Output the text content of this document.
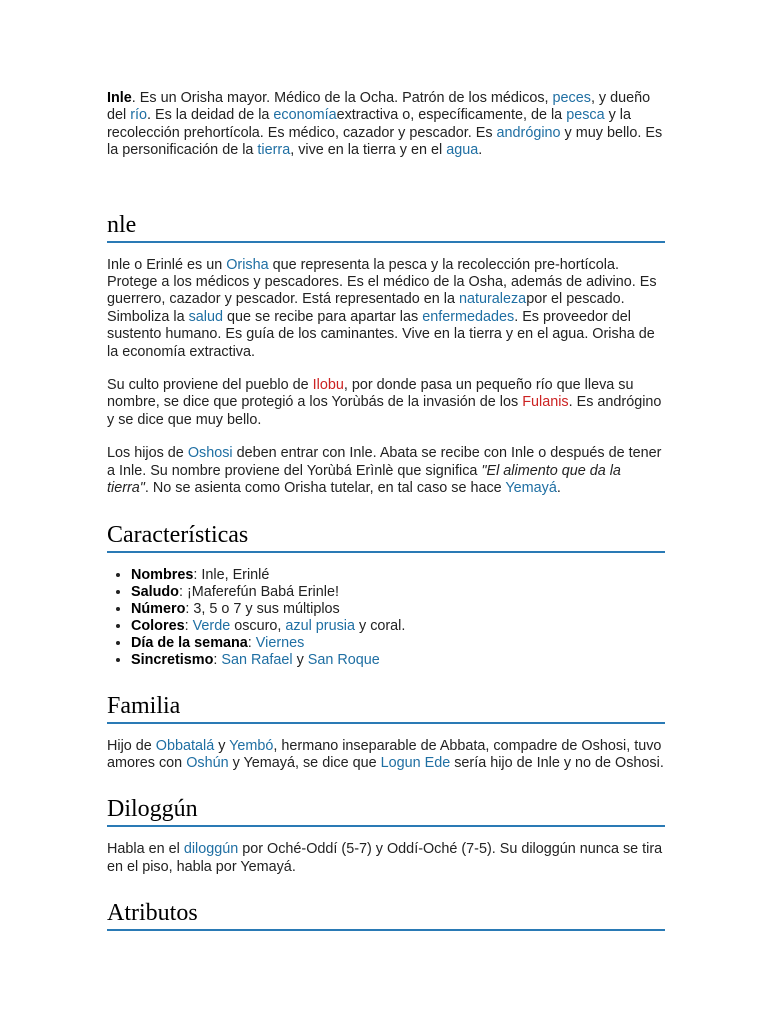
Inle. Es un Orisha mayor. Médico de la Ocha. Patrón de los médicos, peces, y dueño del río. Es la deidad de la economíaextractiva o, específicamente, de la pesca y la recolección prehortícola. Es médico, cazador y pescador. Es andrógino y muy bello. Es la personificación de la tierra, vive en la tierra y en el agua.

nle

Inle o Erinlé es un Orisha que representa la pesca y la recolección pre-hortícola. Protege a los médicos y pescadores. Es el médico de la Osha, además de adivino. Es guerrero, cazador y pescador. Está representado en la naturalezapor el pescado. Simboliza la salud que se recibe para apartar las enfermedades. Es proveedor del sustento humano. Es guía de los caminantes. Vive en la tierra y en el agua. Orisha de la economía extractiva.

Su culto proviene del pueblo de Ilobu, por donde pasa un pequeño río que lleva su nombre, se dice que protegió a los Yorùbás de la invasión de los Fulanis. Es andrógino y se dice que muy bello.

Los hijos de Oshosi deben entrar con Inle. Abata se recibe con Inle o después de tener a Inle. Su nombre proviene del Yorùbá Erìnlè que significa "El alimento que da la tierra". No se asienta como Orisha tutelar, en tal caso se hace Yemayá.

Características
• Nombres: Inle, Erinlé
• Saludo: ¡Maferefún Babá Erinle!
• Número: 3, 5 o 7 y sus múltiplos
• Colores: Verde oscuro, azul prusia y coral.
• Día de la semana: Viernes
• Sincretismo: San Rafael y San Roque
Familia

Hijo de Obbatalá y Yembó, hermano inseparable de Abbata, compadre de Oshosi, tuvo amores con Oshún y Yemayá, se dice que Logun Ede sería hijo de Inle y no de Oshosi.

Diloggún

Habla en el diloggún por Oché-Oddí (5-7) y Oddí-Oché (7-5). Su diloggún nunca se tira en el piso, habla por Yemayá.

Atributos
